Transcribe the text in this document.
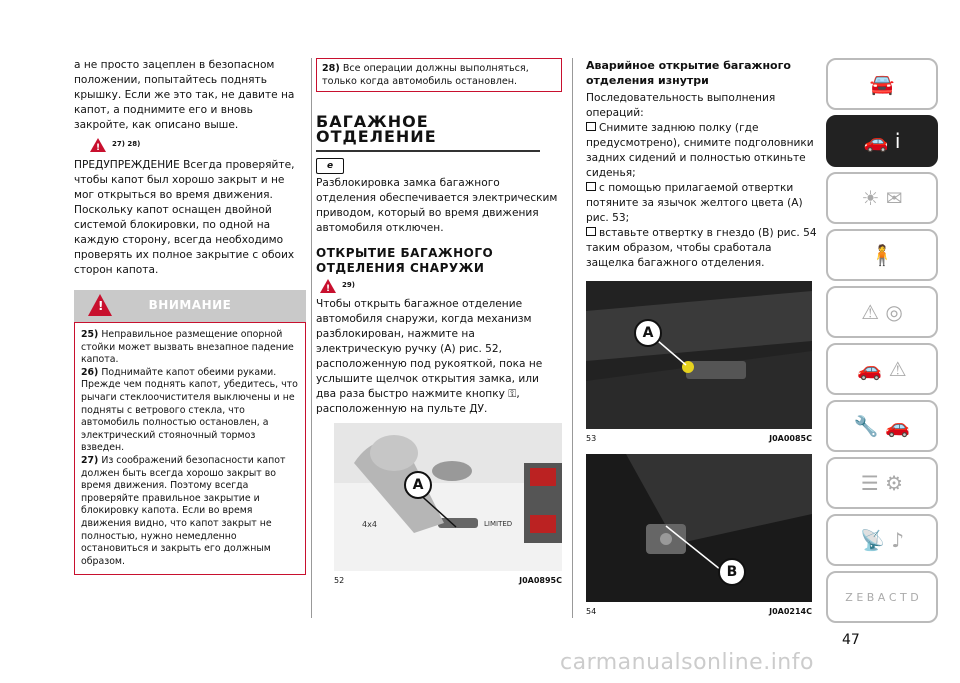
а не просто зацеплен в безопасном положении, попытайтесь поднять крышку. Если же это так, не давите на капот, а поднимите его и вновь закройте, как описано выше.

! 27) 28)

ПРЕДУПРЕЖДЕНИЕ Всегда проверяйте, чтобы капот был хорошо закрыт и не мог открыться во время движения. Поскольку капот оснащен двойной системой блокировки, по одной на каждую сторону, всегда необходимо проверять их полное закрытие с обоих сторон капота.

!	ВНИМАНИЕ
25) Неправильное размещение опорной стойки может вызвать внезапное падение капота.
26) Поднимайте капот обеими руками. Прежде чем поднять капот, убедитесь, что рычаги стеклоочистителя выключены и не подняты с ветрового стекла, что автомобиль полностью остановлен, а электрический стояночный тормоз взведен.
27) Из соображений безопасности капот должен быть всегда хорошо закрыт во время движения. Поэтому всегда проверяйте правильное закрытие и блокировку капота. Если во время движения видно, что капот закрыт не полностью, нужно немедленно остановиться и закрыть его должным образом.
28) Все операции должны выполняться, только когда автомобиль остановлен.
БАГАЖНОЕ ОТДЕЛЕНИЕ
e

Разблокировка замка багажного отделения обеспечивается электрическим приводом, который во время движения автомобиля отключен.

ОТКРЫТИЕ БАГАЖНОГО ОТДЕЛЕНИЯ СНАРУЖИ
! 29)

Чтобы открыть багажное отделение автомобиля снаружи, когда механизм разблокирован, нажмите на электрическую ручку (A) рис. 52, расположенную под рукояткой, пока не услышите щелчок открытия замка, или два раза быстро нажмите кнопку ⚿, расположенную на пульте ДУ.

A
4x4	LIMITED
52	J0A0895C
Аварийное открытие багажного отделения изнутри

Последовательность выполнения операций:

Снимите заднюю полку (где предусмотрено), снимите подголовники задних сидений и полностью откиньте сиденья;

с помощью прилагаемой отвертки потяните за язычок желтого цвета (A) рис. 53;

вставьте отвертку в гнездо (B) рис. 54 таким образом, чтобы сработала защелка багажного отделения.

A
53	J0A0085C
B
54	J0A0214C
🚘
🚗 i
☀ ✉
🧍
⚠ ◎
🚗 ⚠
🔧 🚗
☰ ⚙
📡 ♪
Z E B A C T D
47
carmanualsonline.info
